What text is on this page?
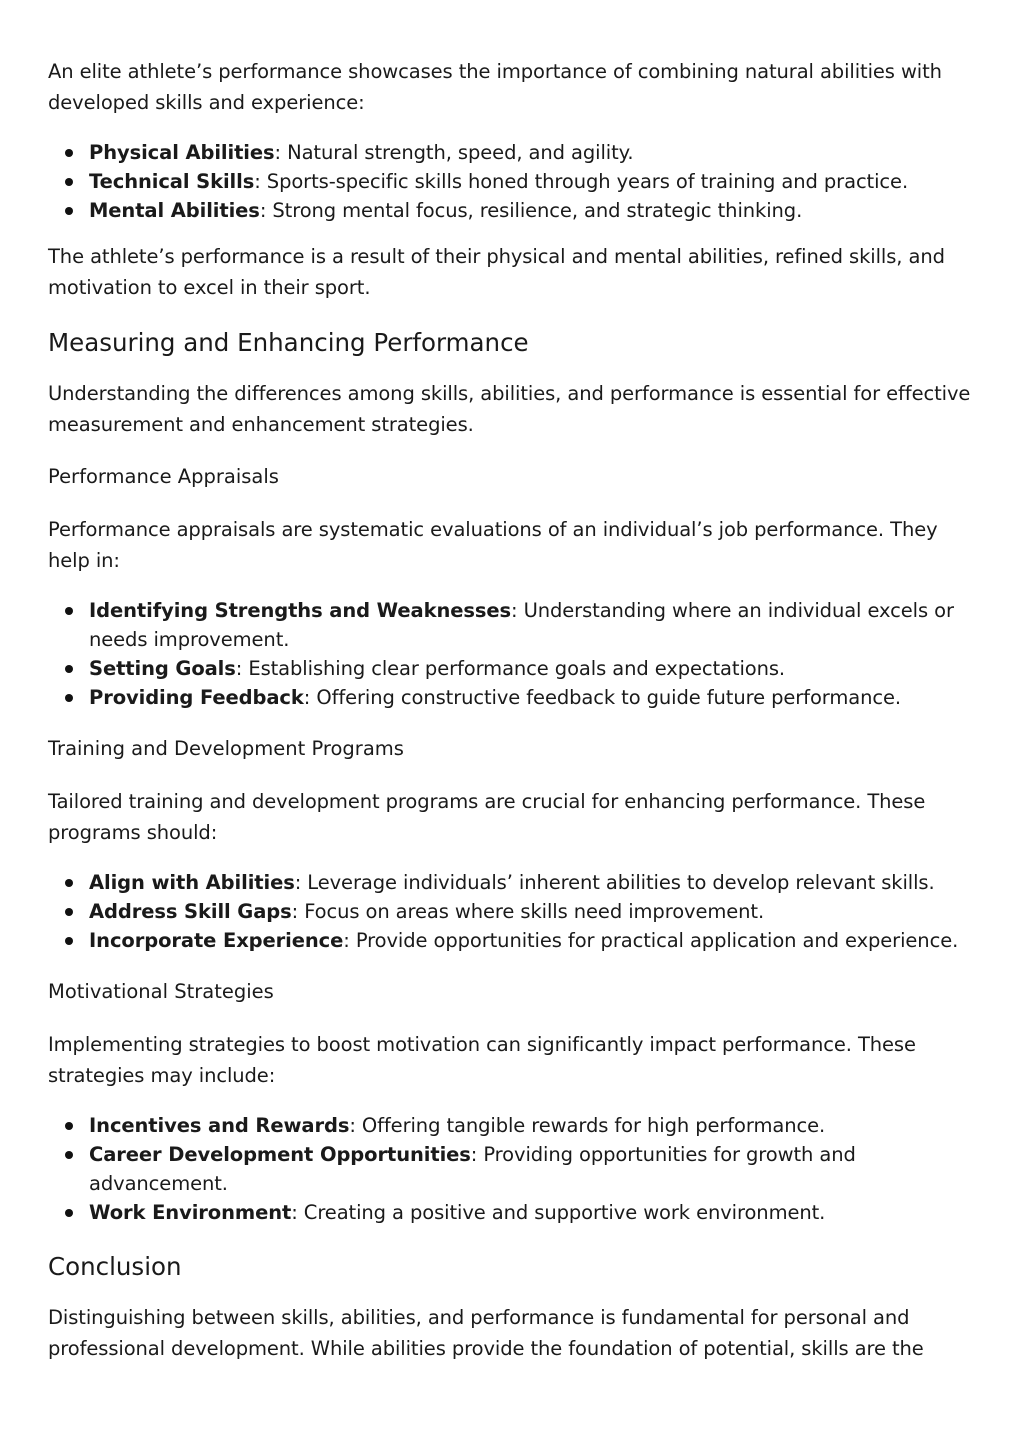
An elite athlete’s performance showcases the importance of combining natural abilities with developed skills and experience:

Physical Abilities: Natural strength, speed, and agility.
Technical Skills: Sports-specific skills honed through years of training and practice.
Mental Abilities: Strong mental focus, resilience, and strategic thinking.

The athlete’s performance is a result of their physical and mental abilities, refined skills, and motivation to excel in their sport.

Measuring and Enhancing Performance

Understanding the differences among skills, abilities, and performance is essential for effective measurement and enhancement strategies.

Performance Appraisals

Performance appraisals are systematic evaluations of an individual’s job performance. They help in:

Identifying Strengths and Weaknesses: Understanding where an individual excels or needs improvement.
Setting Goals: Establishing clear performance goals and expectations.
Providing Feedback: Offering constructive feedback to guide future performance.
Training and Development Programs

Tailored training and development programs are crucial for enhancing performance. These programs should:

Align with Abilities: Leverage individuals’ inherent abilities to develop relevant skills.
Address Skill Gaps: Focus on areas where skills need improvement.
Incorporate Experience: Provide opportunities for practical application and experience.
Motivational Strategies

Implementing strategies to boost motivation can significantly impact performance. These strategies may include:

Incentives and Rewards: Offering tangible rewards for high performance.
Career Development Opportunities: Providing opportunities for growth and advancement.
Work Environment: Creating a positive and supportive work environment.
Conclusion

Distinguishing between skills, abilities, and performance is fundamental for personal and professional development. While abilities provide the foundation of potential, skills are the
